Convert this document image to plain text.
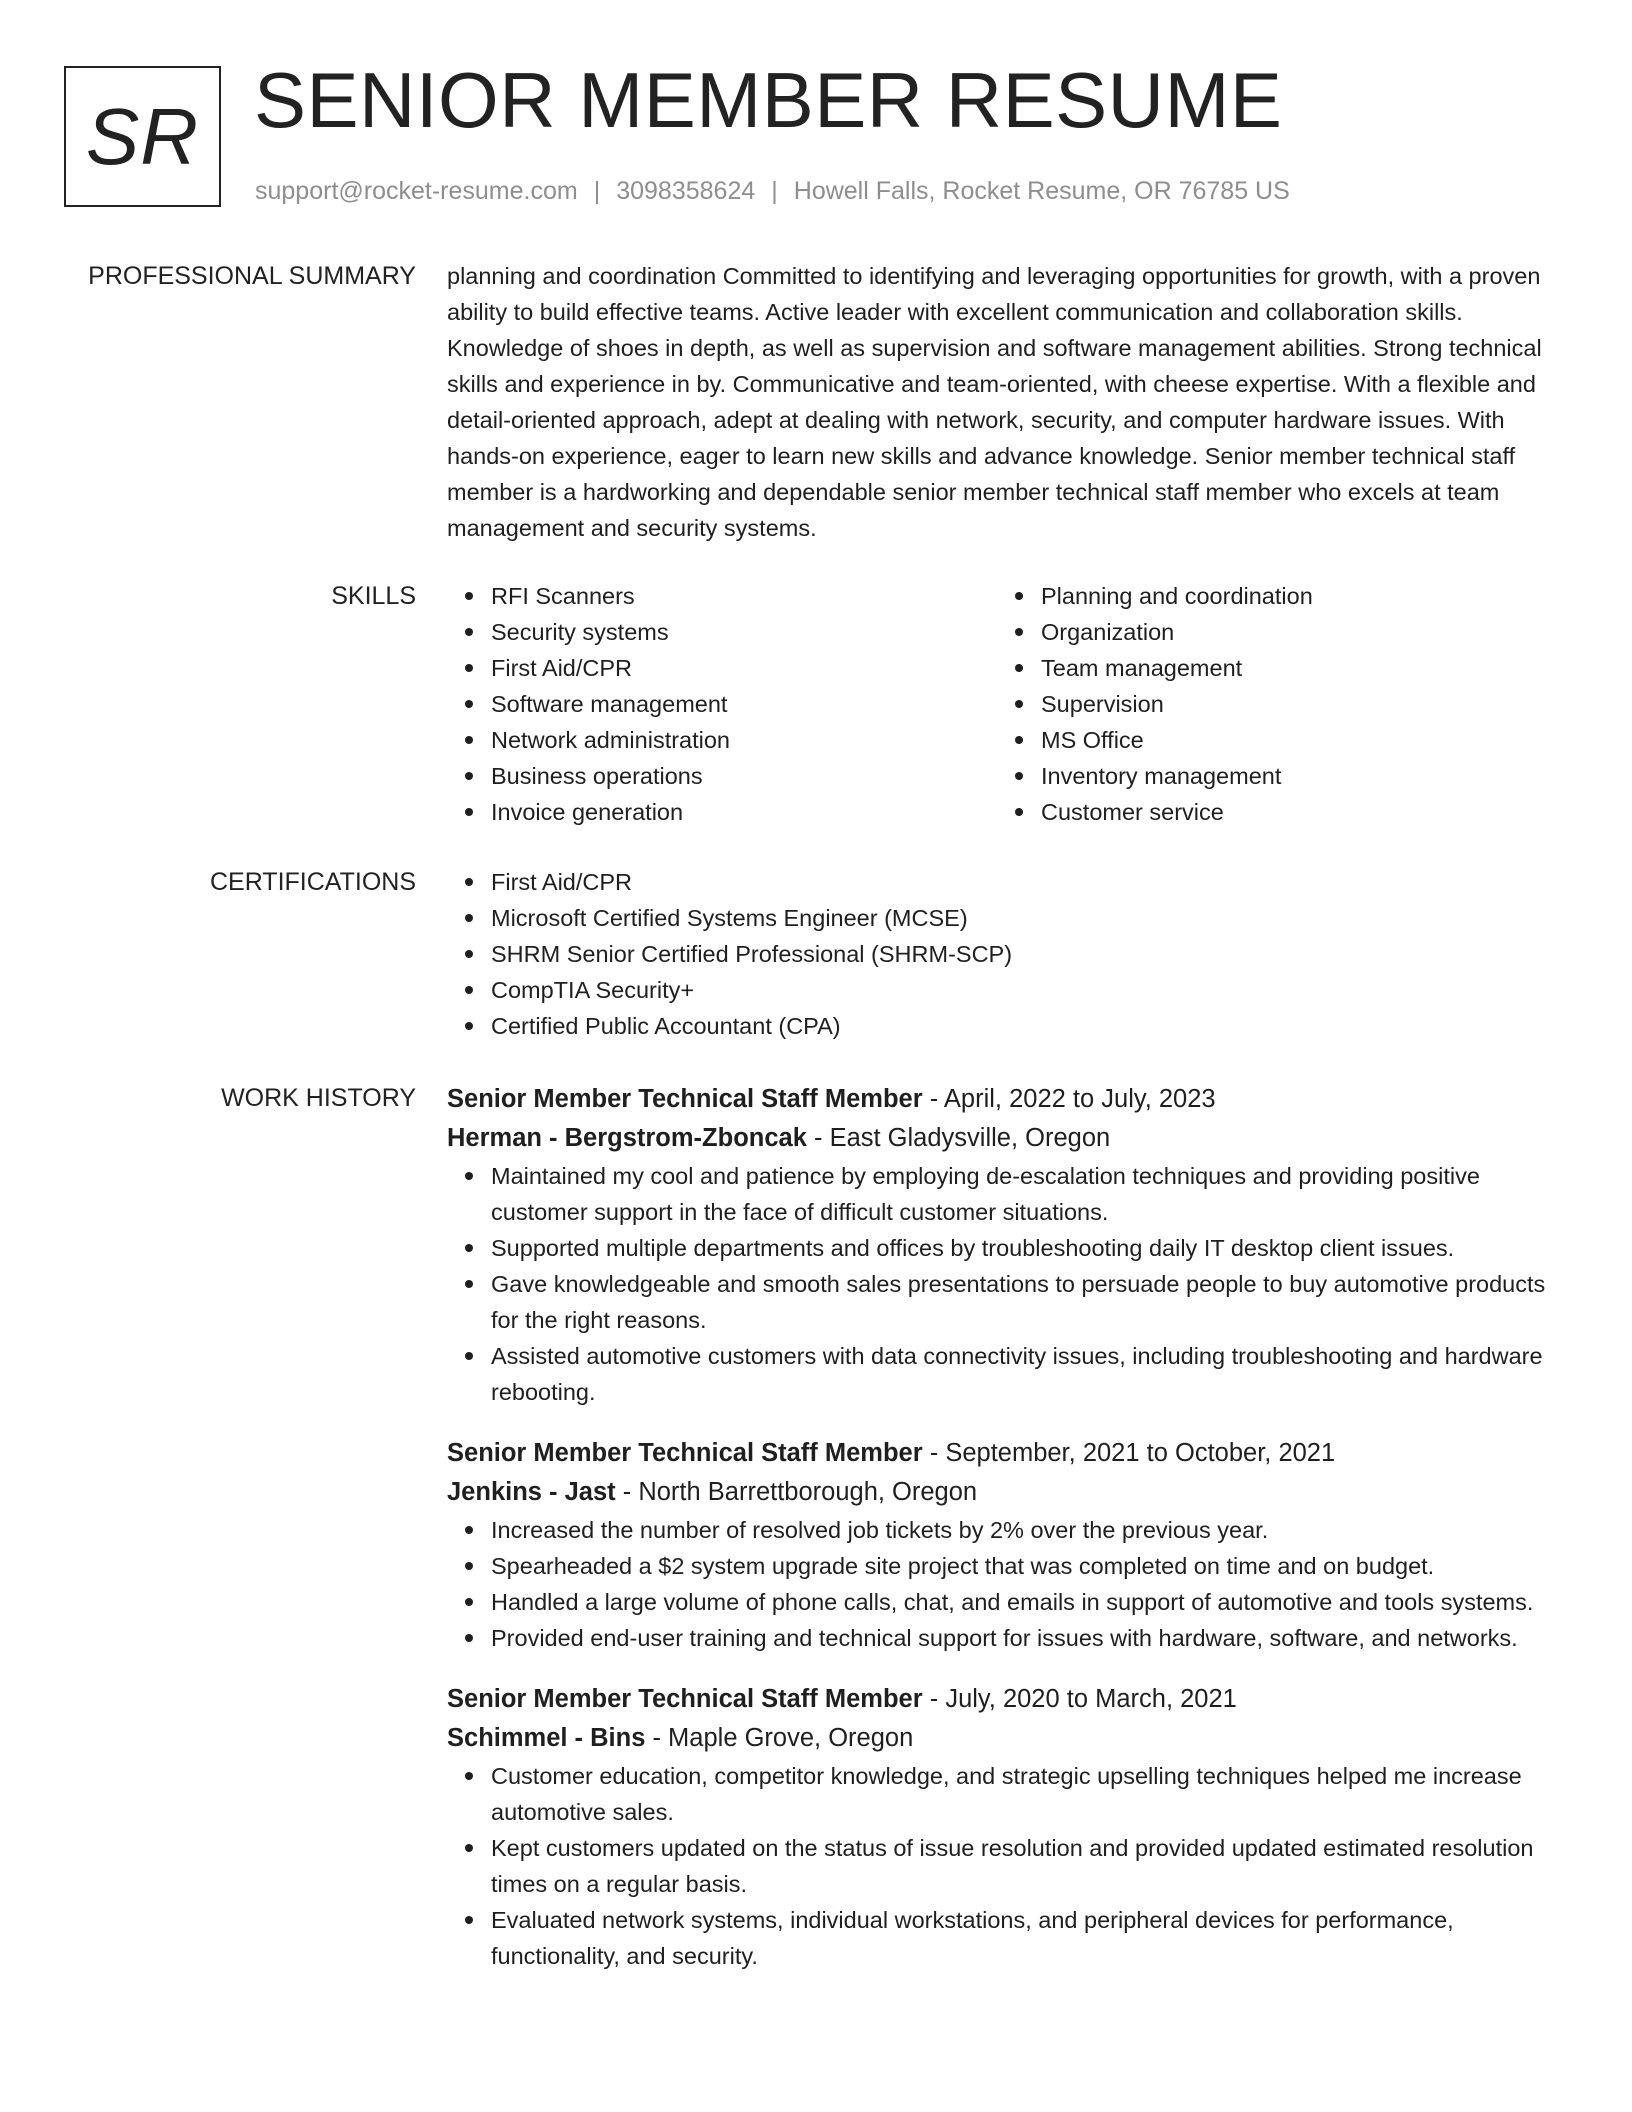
SR SENIOR MEMBER RESUME
support@rocket-resume.com | 3098358624 | Howell Falls, Rocket Resume, OR 76785 US
PROFESSIONAL SUMMARY planning and coordination Committed to identifying and leveraging opportunities for growth, with a proven ability to build effective teams. Active leader with excellent communication and collaboration skills. Knowledge of shoes in depth, as well as supervision and software management abilities. Strong technical skills and experience in by. Communicative and team-oriented, with cheese expertise. With a flexible and detail-oriented approach, adept at dealing with network, security, and computer hardware issues. With hands-on experience, eager to learn new skills and advance knowledge. Senior member technical staff member is a hardworking and dependable senior member technical staff member who excels at team management and security systems.

SKILLS	RFI Scanners
Security systems
First Aid/CPR
Software management
Network administration
Business operations
Invoice generation
Planning and coordination
Organization
Team management
Supervision
MS Office
Inventory management
Customer service
CERTIFICATIONS	First Aid/CPR
Microsoft Certified Systems Engineer (MCSE)
SHRM Senior Certified Professional (SHRM-SCP)
CompTIA Security+
Certified Public Accountant (CPA)
WORK HISTORY Senior Member Technical Staff Member - April, 2022 to July, 2023
Herman - Bergstrom-Zboncak - East Gladysville, Oregon
Maintained my cool and patience by employing de-escalation techniques and providing positive customer support in the face of difficult customer situations.
Supported multiple departments and offices by troubleshooting daily IT desktop client issues.
Gave knowledgeable and smooth sales presentations to persuade people to buy automotive products for the right reasons.
Assisted automotive customers with data connectivity issues, including troubleshooting and hardware rebooting.
Senior Member Technical Staff Member - September, 2021 to October, 2021
Jenkins - Jast - North Barrettborough, Oregon
Increased the number of resolved job tickets by 2% over the previous year.
Spearheaded a $2 system upgrade site project that was completed on time and on budget.
Handled a large volume of phone calls, chat, and emails in support of automotive and tools systems.
Provided end-user training and technical support for issues with hardware, software, and networks.
Senior Member Technical Staff Member - July, 2020 to March, 2021
Schimmel - Bins - Maple Grove, Oregon
Customer education, competitor knowledge, and strategic upselling techniques helped me increase automotive sales.
Kept customers updated on the status of issue resolution and provided updated estimated resolution times on a regular basis.
Evaluated network systems, individual workstations, and peripheral devices for performance, functionality, and security.
